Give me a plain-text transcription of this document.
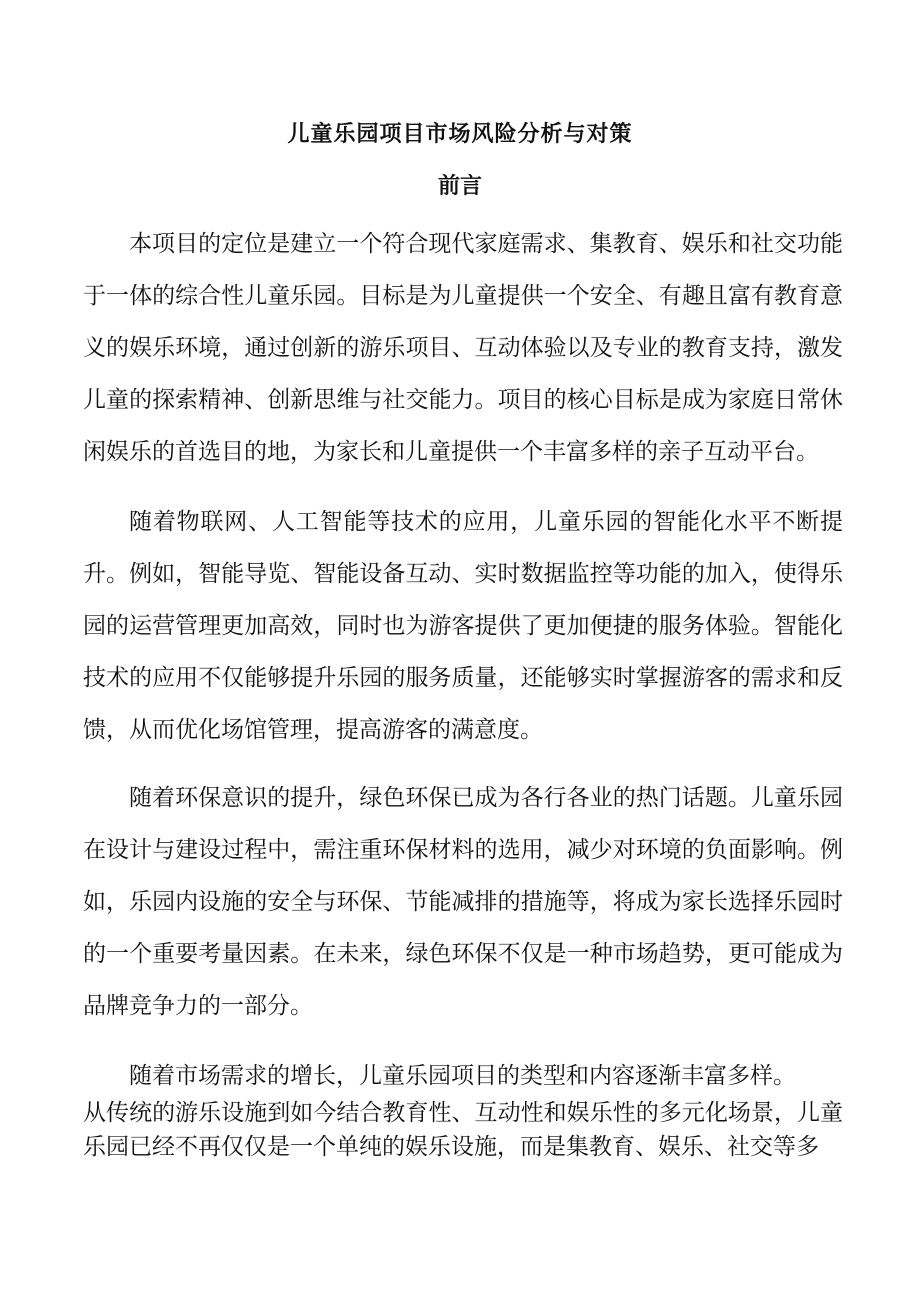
儿童乐园项目市场风险分析与对策
前言

本项目的定位是建立一个符合现代家庭需求、集教育、娱乐和社交功能于一体的综合性儿童乐园。目标是为儿童提供一个安全、有趣且富有教育意义的娱乐环境，通过创新的游乐项目、互动体验以及专业的教育支持，激发儿童的探索精神、创新思维与社交能力。项目的核心目标是成为家庭日常休闲娱乐的首选目的地，为家长和儿童提供一个丰富多样的亲子互动平台。

随着物联网、人工智能等技术的应用，儿童乐园的智能化水平不断提升。例如，智能导览、智能设备互动、实时数据监控等功能的加入，使得乐园的运营管理更加高效，同时也为游客提供了更加便捷的服务体验。智能化技术的应用不仅能够提升乐园的服务质量，还能够实时掌握游客的需求和反馈，从而优化场馆管理，提高游客的满意度。

随着环保意识的提升，绿色环保已成为各行各业的热门话题。儿童乐园在设计与建设过程中，需注重环保材料的选用，减少对环境的负面影响。例如，乐园内设施的安全与环保、节能减排的措施等，将成为家长选择乐园时的一个重要考量因素。在未来，绿色环保不仅是一种市场趋势，更可能成为品牌竞争力的一部分。

随着市场需求的增长，儿童乐园项目的类型和内容逐渐丰富多样。
从传统的游乐设施到如今结合教育性、互动性和娱乐性的多元化场景，儿童乐园已经不再仅仅是一个单纯的娱乐设施，而是集教育、娱乐、社交等多
